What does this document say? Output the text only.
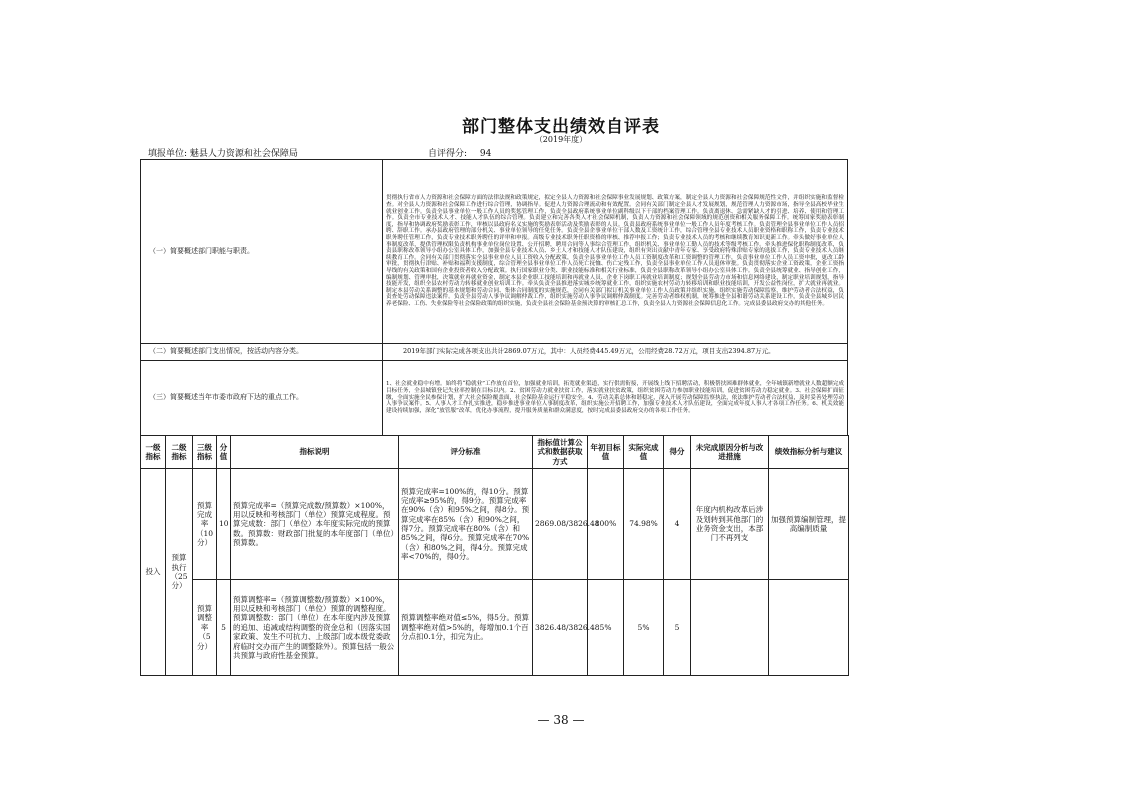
部门整体支出绩效自评表
（2019年度）
填报单位: 魅县人力资源和社会保障局	自评得分: 94
（一）简要概述部门职能与职责。	贯彻执行省市人力资源和社会保障方面的法律法规和政策规定，拟定全县人力资源和社会保障事业发展规划、政策方案，制定全县人力资源和社会保障规范性文件，并组织实施和监督检查。对全县人力资源和社会保障工作进行综合管理，协调指导。促进人力资源合理流动和有效配置。会同有关部门制定全县人才发展规划，规范管理人力资源市场，指导全县高校毕业生就业创业工作。负责全县事业单位一般工作人员的奖惩管理工作，负责全县政府系统事业单位副科级以下干部的档案管理工作。负责离退休、急需紧缺人才的引进、培养、使用和管理工作。负责全市专业技术人才、技能人才队伍的综合管理。负责建立和完善各类人才社会保障机制，负责人力资源和社会保障领域的规范创资和相关服务保障工作。统筹国家奖励表彰制度，指导和协调政府奖励表彰工作，审核以县政府名义实施的奖励表彰活动及奖励表彰的人员。负责县政府系统事业单位一般工作人员年度考核工作。负责管理全县事业单位工作人员招聘、辞职工作。承办县政府管理的部分机关、事业单位领导的任免任务。负责全县企事业单位干部人数及工资统计工作，综合管理全县专业技术人员职业资格和职称工作，负责专业技术职务聘任管理工作，负责专业技术职务聘任的评审和申报。高级专业技术职务任职资格的审核、推荐申报工作；负责专业技术人员的考核和继续教育知识更新工作。牵头做好事业单位人事制度改革，提供管理权限负责机构事业单位岗位设置、公开招聘，聘用合同等人事综合管理工作，组织机关、事业单位工勤人员的技术等级考核工作。牵头推进保化职称制度改革，负责县职称改革领导小组办公室具体工作，加强全县专业技术人员、乡土人才和技能人才队伍建设，组织有突出贡献中青年专家、享受政府特殊津贴专家的选拔工作，负责专业技术人员继续教育工作。会同有关部门贯彻落实全县事业单位人员工资收入分配政策，负责全县事业单位工作人员工资制度改革和工资调整的管理工作，负责事业单位工作人员工资申批，更改工龄审批，贯彻执行津贴、补贴和福利支援制度，综合管理全县事业单位工作人员死亡抚恤、伤亡定残工作，负责全县事业单位工作人员退休审批。负责贯彻落实企业工资政策，企业工资指导线的有关政策和国有企业投资者收入分配政策。执行国家职业分类、职业技能标准和相关行业标准，负责全县职称改革领导小组办公室具体工作。负责全县统筹就业、指导创业工作，编制规划、管理审批，决策就业再就业资金，制定本县企业职工技能培训和再就业人员、企业下岗职工再就业培训制度；规划全县劳动力市场和信息网络建设，制定职业培训规划，指导技能开发，组织全县农村劳动力转移就业创业培训工作。牵头负责全县推进落实城乡统筹就业工作，组织实施农村劳动力转移培训和职业技能培训，开发公益性岗位，扩大就业再就业。制定本县劳动关系调整的基本规划和劳动合同、集体合同制度的实施规范，会同有关部门拟订机关事业单位工作人员政策并组织实施，组织实施劳动保障监察，维护劳动者合法权益，负责查处劳动保障违法案件。负责全县劳动人事争议调解仲裁工作，组织实施劳动人事争议调解仲裁制度。完善劳动者维权机制，统筹推进全县和谐劳动关系建设工作，负责全县城乡居民养老保险、工伤、失业保险等社会保险政策的组织实施，负责全县社会保险基金预决算的审核汇总工作，负责全县人力资源社会保障信息化工作。完成县委县政府交办的其他任务。
（二）简要概述部门支出情况，按活动内容分类。	2019年部门实际完成各项支出共计2869.07万元，其中：人员经费445.49万元，公用经费28.72万元，项目支出2394.87万元。
（三）简要概述当年市委市政府下达的重点工作。	1、社会就业稳中有增。始终将“稳就业”工作放在首位，加强就业培训，拓宽就业渠道，实行供需衔接，开展线上线下招聘活动，积极帮扶困难群体就业，全年城镇新增就业人数超额完成目标任务，全县城镇登记失业率控制在目标以内。2、贫困劳动力就业扶贫工作，落实就业扶贫政策，组织贫困劳动力参加职业技能培训，促进贫困劳动力稳定就业。3、社会保障扩面征缴，全面实施全民参保计划，扩大社会保险覆盖面，社会保险基金运行平稳安全。4、劳动关系总体和谐稳定，深入开展劳动保障监察执法，依法维护劳动者合法权益，及时妥善处理劳动人事争议案件。5、人事人才工作扎实推进，稳步推进事业单位人事制度改革，组织实施公开招聘工作，加强专业技术人才队伍建设，全面完成年度人事人才各项工作任务。6、机关效能建设持续加强，深化“放管服”改革，优化办事流程，提升服务质量和群众满意度，按时完成县委县政府交办的各项工作任务。
一级指标	二级指标	三级指标	分值	指标说明	评分标准	指标值计算公式和数据获取方式	年初目标值	实际完成值	得分	未完成原因分析与改进措施	绩效指标分析与建议
投入	预算执行（25分）	预算完成率（10分）	10	预算完成率=（预算完成数/预算数）×100%，用以反映和考核部门（单位）预算完成程度。预算完成数：部门（单位）本年度实际完成的预算数。预算数：财政部门批复的本年度部门（单位）预算数。	预算完成率=100%的，得10分。预算完成率≥95%的，得9分。预算完成率在90%（含）和95%之间，得8分。预算完成率在85%（含）和90%之间，得7分。预算完成率在80%（含）和85%之间，得6分。预算完成率在70%（含）和80%之间，得4分。预算完成率<70%的，得0分。	2869.08/3826.48	100%	74.98%	4	年度内机构改革后涉及划转到其他部门的业务资金支出，本部门不再列支	加强预算编制管理，提高编制质量
		预算调整率（5分）	5	预算调整率=（预算调整数/预算数）×100%，用以反映和考核部门（单位）预算的调整程度。预算调整数：部门（单位）在本年度内涉及预算的追加、追减或结构调整的资金总和（因落实国家政策、发生不可抗力、上级部门或本级党委政府临时交办而产生的调整除外）。预算包括一般公共预算与政府性基金预算。	预算调整率绝对值≤5%，得5分。预算调整率绝对值>5%的，每增加0.1个百分点扣0.1分，扣完为止。	3826.48/3826.48	5%	5%	5		
— 38 —
